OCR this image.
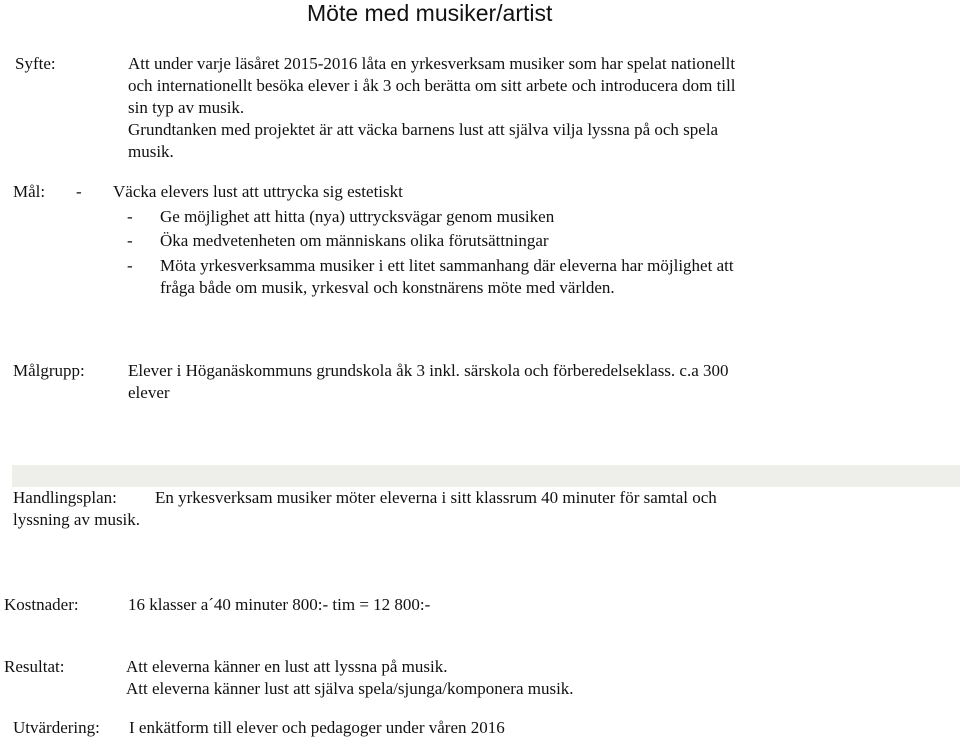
Möte med musiker/artist
Syfte:	Att under varje läsåret 2015-2016 låta en yrkesverksam musiker som har spelat nationellt
och internationellt besöka elever i åk 3 och berätta om sitt arbete och introducera dom till
sin typ av musik.
Grundtanken med projektet är att väcka barnens lust att själva vilja lyssna på och spela
musik.
Mål: - Väcka elevers lust att uttrycka sig estetiskt
- Ge möjlighet att hitta (nya) uttrycksvägar genom musiken
- Öka medvetenheten om människans olika förutsättningar
- Möta yrkesverksamma musiker i ett litet sammanhang där eleverna har möjlighet att
fråga både om musik, yrkesval och konstnärens möte med världen.
Målgrupp:	Elever i Höganäskommuns grundskola åk 3 inkl. särskola och förberedelseklass. c.a 300
elever
Handlingsplan: En yrkesverksam musiker möter eleverna i sitt klassrum 40 minuter för samtal och
lyssning av musik.
Kostnader:	16 klasser a´40 minuter 800:- tim = 12 800:-
Resultat:	Att eleverna känner en lust att lyssna på musik.
Att eleverna känner lust att själva spela/sjunga/komponera musik.
Utvärdering: I enkätform till elever och pedagoger under våren 2016
